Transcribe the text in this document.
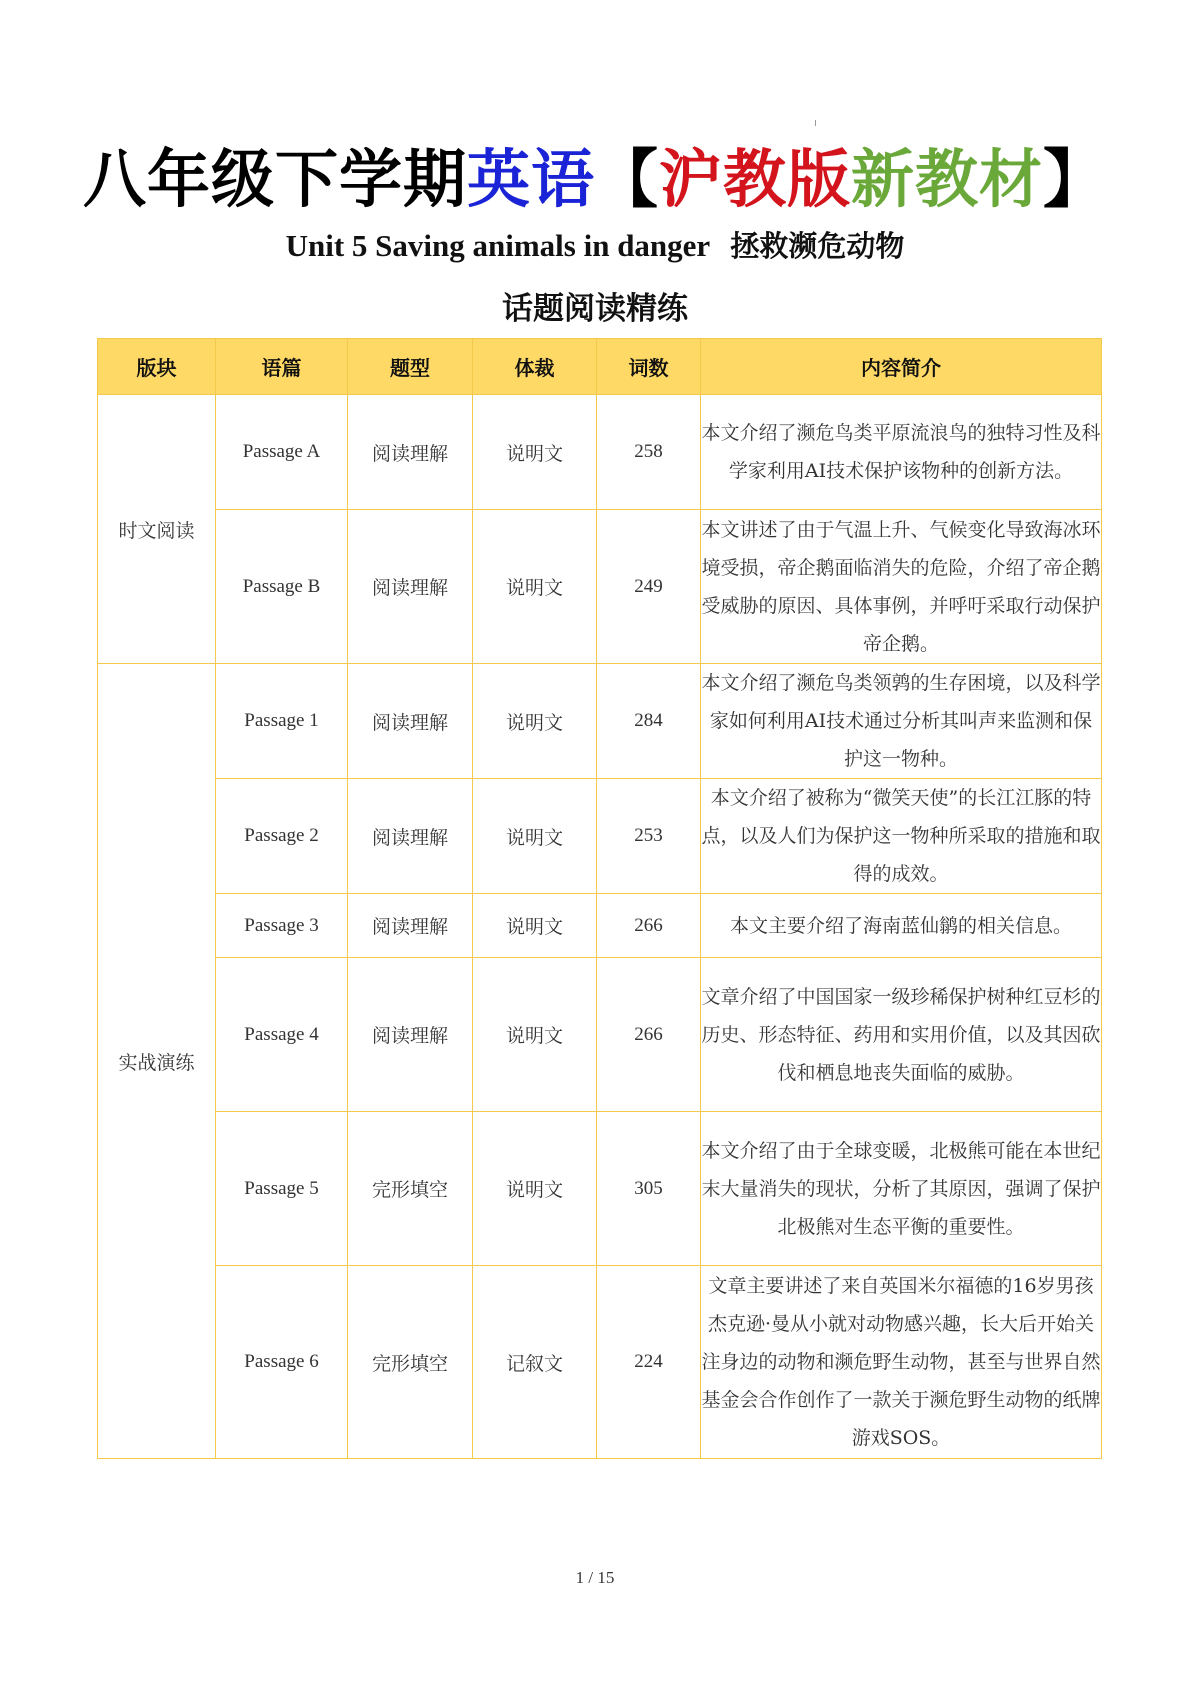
八年级下学期英语【沪教版新教材】
Unit 5 Saving animals in danger 拯救濒危动物
话题阅读精练
版块	语篇	题型	体裁	词数	内容简介
时文阅读	Passage A	阅读理解	说明文	258	本文介绍了濒危鸟类平原流浪鸟的独特习性及科学家利用AI技术保护该物种的创新方法。
	Passage B	阅读理解	说明文	249	本文讲述了由于气温上升、气候变化导致海冰环境受损，帝企鹅面临消失的危险，介绍了帝企鹅受威胁的原因、具体事例，并呼吁采取行动保护帝企鹅。
实战演练	Passage 1	阅读理解	说明文	284	本文介绍了濒危鸟类领鹑的生存困境，以及科学家如何利用AI技术通过分析其叫声来监测和保护这一物种。
	Passage 2	阅读理解	说明文	253	本文介绍了被称为“微笑天使”的长江江豚的特点，以及人们为保护这一物种所采取的措施和取得的成效。
	Passage 3	阅读理解	说明文	266	本文主要介绍了海南蓝仙鹟的相关信息。
	Passage 4	阅读理解	说明文	266	文章介绍了中国国家一级珍稀保护树种红豆杉的历史、形态特征、药用和实用价值，以及其因砍伐和栖息地丧失面临的威胁。
	Passage 5	完形填空	说明文	305	本文介绍了由于全球变暖，北极熊可能在本世纪末大量消失的现状，分析了其原因，强调了保护北极熊对生态平衡的重要性。
	Passage 6	完形填空	记叙文	224	文章主要讲述了来自英国米尔福德的16岁男孩杰克逊·曼从小就对动物感兴趣，长大后开始关注身边的动物和濒危野生动物，甚至与世界自然基金会合作创作了一款关于濒危野生动物的纸牌游戏SOS。
1 / 15
